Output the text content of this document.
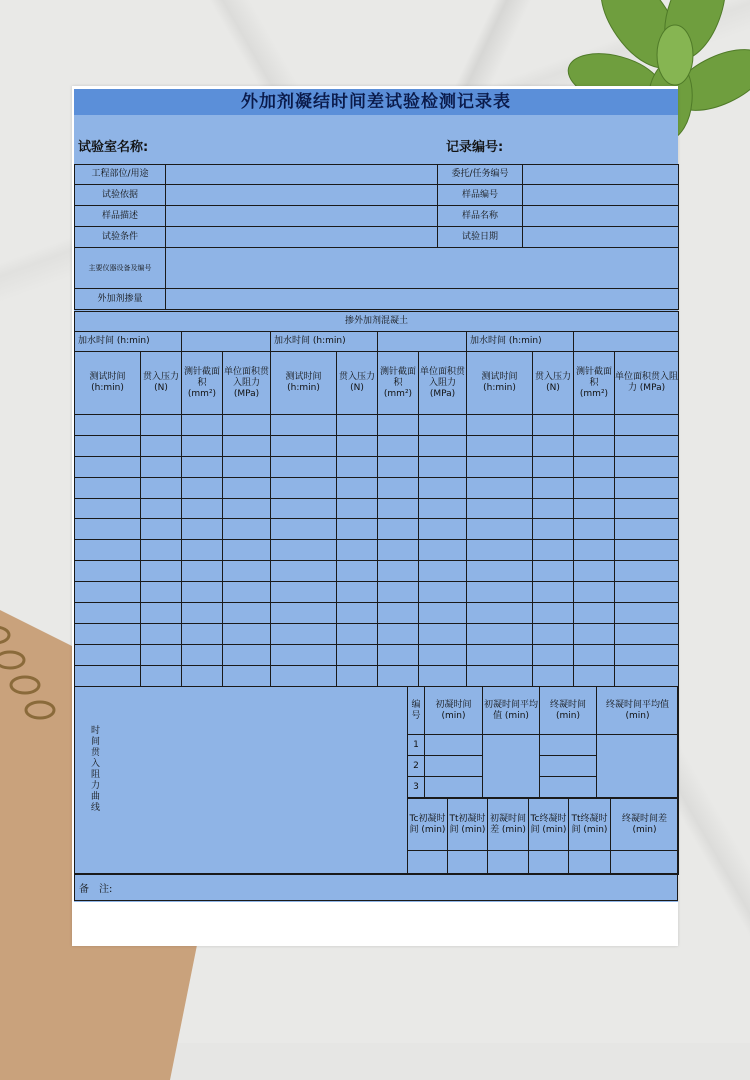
外加剂凝结时间差试验检测记录表
试验室名称:	记录编号:
工程部位/用途		委托/任务编号	
试验依据		样品编号	
样品描述		样品名称	
试验条件		试验日期	
主要仪器设备及编号			
外加剂掺量			
掺外加剂混凝土											
加水时间 (h:min)				加水时间 (h:min)				加水时间 (h:min)			
测试时间 (h:min)	贯入压力 (N)	测针截面积 (mm²)	单位面积贯入阻力 (MPa)	测试时间 (h:min)	贯入压力 (N)	测针截面积 (mm²)	单位面积贯入阻力 (MPa)	测试时间 (h:min)	贯入压力 (N)	测针截面积 (mm²)	单位面积贯入阻力 (MPa)

时间贯入阻力曲线
编号	初凝时间 (min)	初凝时间平均值 (min)	终凝时间 (min)	终凝时间平均值 (min)
1				
2				
3				
Tc初凝时间 (min)	Tt初凝时间 (min)	初凝时间差 (min)	Tc终凝时间 (min)	Tt终凝时间 (min)	终凝时间差 (min)

备　注:
